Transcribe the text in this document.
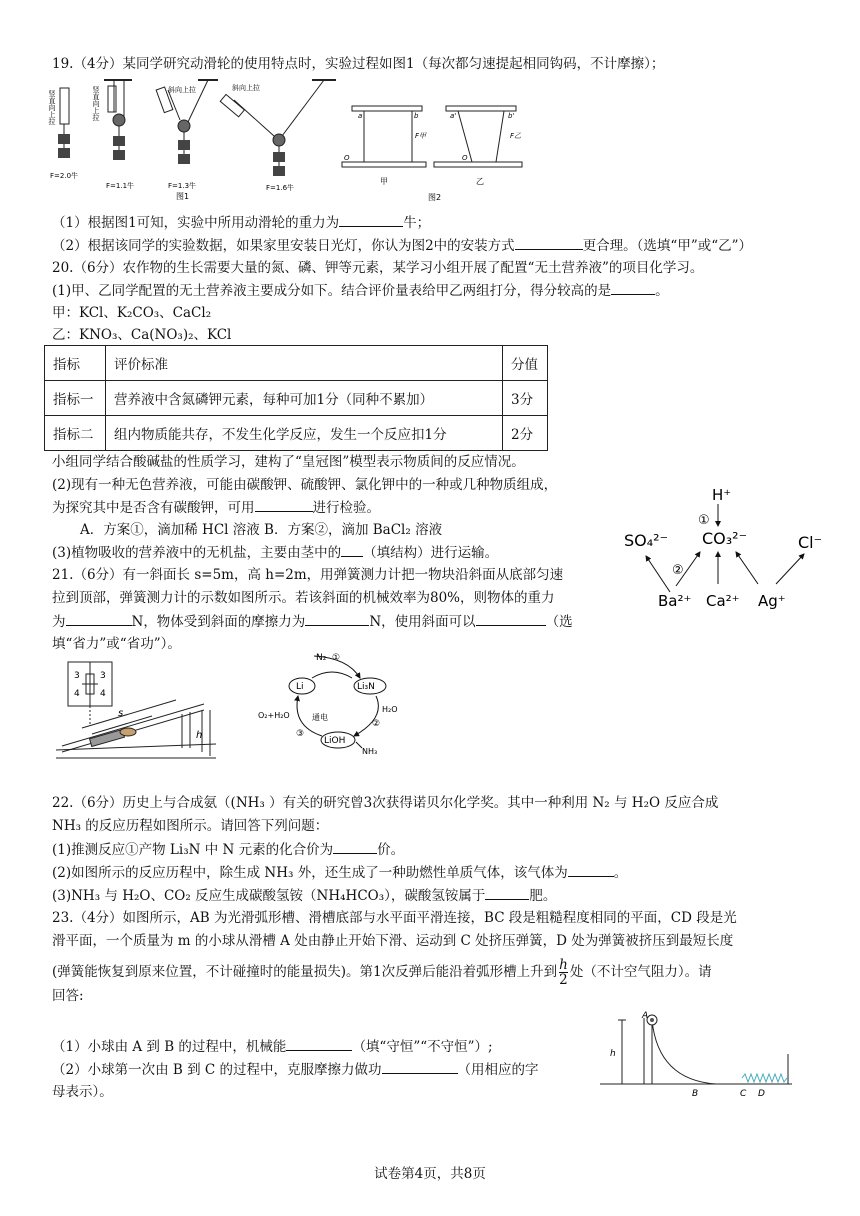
19.（4分）某同学研究动滑轮的使用特点时，实验过程如图1（每次都匀速提起相同钩码，不计摩擦）；
竖直向上拉
F=2.0牛
竖直向上拉
F=1.1牛
斜向上拉
F=1.3牛
斜向上拉
F=1.6牛
图1
a	b
F甲
O
甲
a'	b'
F乙
O
乙
图2
（1）根据图1可知，实验中所用动滑轮的重力为	牛；
（2）根据该同学的实验数据，如果家里安装日光灯，你认为图2中的安装方式	更合理。（选填“甲”或“乙”）
20.（6分）农作物的生长需要大量的氮、磷、钾等元素，某学习小组开展了配置“无土营养液”的项目化学习。
(1)甲、乙同学配置的无土营养液主要成分如下。结合评价量表给甲乙两组打分，得分较高的是	。
甲：KCl、K₂CO₃、CaCl₂
乙：KNO₃、Ca(NO₃)₂、KCl
指标	评价标准	分值
指标一	营养液中含氮磷钾元素，每种可加1分（同种不累加）	3分
指标二	组内物质能共存，不发生化学反应，发生一个反应扣1分	2分
小组同学结合酸碱盐的性质学习，建构了“皇冠图”模型表示物质间的反应情况。
(2)现有一种无色营养液，可能由碳酸钾、硫酸钾、氯化钾中的一种或几种物质组成，
为探究其中是否含有碳酸钾，可用	进行检验。
A．方案①，滴加稀 HCl 溶液 B．方案②，滴加 BaCl₂ 溶液
(3)植物吸收的营养液中的无机盐，主要由茎中的 （填结构）进行运输。
H⁺
①
CO₃²⁻
SO₄²⁻	Cl⁻
②
Ba²⁺ Ca²⁺ Ag⁺
21.（6分）有一斜面长 s=5m，高 h=2m，用弹簧测力计把一物块沿斜面从底部匀速
拉到顶部，弹簧测力计的示数如图所示。若该斜面的机械效率为80%，则物体的重力
为	N，物体受到斜面的摩擦力为	N，使用斜面可以	（选
填“省力”或“省功”）。
3
4
3
4
s
h
N₂ ①
Li	Li₃N
H₂O
②
LiOH
O₂+H₂O	通电
③
NH₃
22.（6分）历史上与合成氨（(NH₃ ）有关的研究曾3次获得诺贝尔化学奖。其中一种利用 N₂ 与 H₂O 反应合成
NH₃ 的反应历程如图所示。请回答下列问题：
(1)推测反应①产物 Li₃N 中 N 元素的化合价为	价。
(2)如图所示的反应历程中，除生成 NH₃ 外，还生成了一种助燃性单质气体，该气体为	。
(3)NH₃ 与 H₂O、CO₂ 反应生成碳酸氢铵（NH₄HCO₃），碳酸氢铵属于	肥。
23.（4分）如图所示，AB 为光滑弧形槽、滑槽底部与水平面平滑连接，BC 段是粗糙程度相同的平面，CD 段是光
滑平面，一个质量为 m 的小球从滑槽 A 处由静止开始下滑、运动到 C 处挤压弹簧，D 处为弹簧被挤压到最短长度
(弹簧能恢复到原来位置，不计碰撞时的能量损失)。第1次反弹后能沿着弧形槽上升到 $\frac{h}{2}$ 处（不计空气阻力）。请
回答:
（1）小球由 A 到 B 的过程中，机械能	（填“守恒”“不守恒”）;
（2）小球第一次由 B 到 C 的过程中，克服摩擦力做功	（用相应的字
母表示）。
A
h
B	C D
试卷第4页，共8页
